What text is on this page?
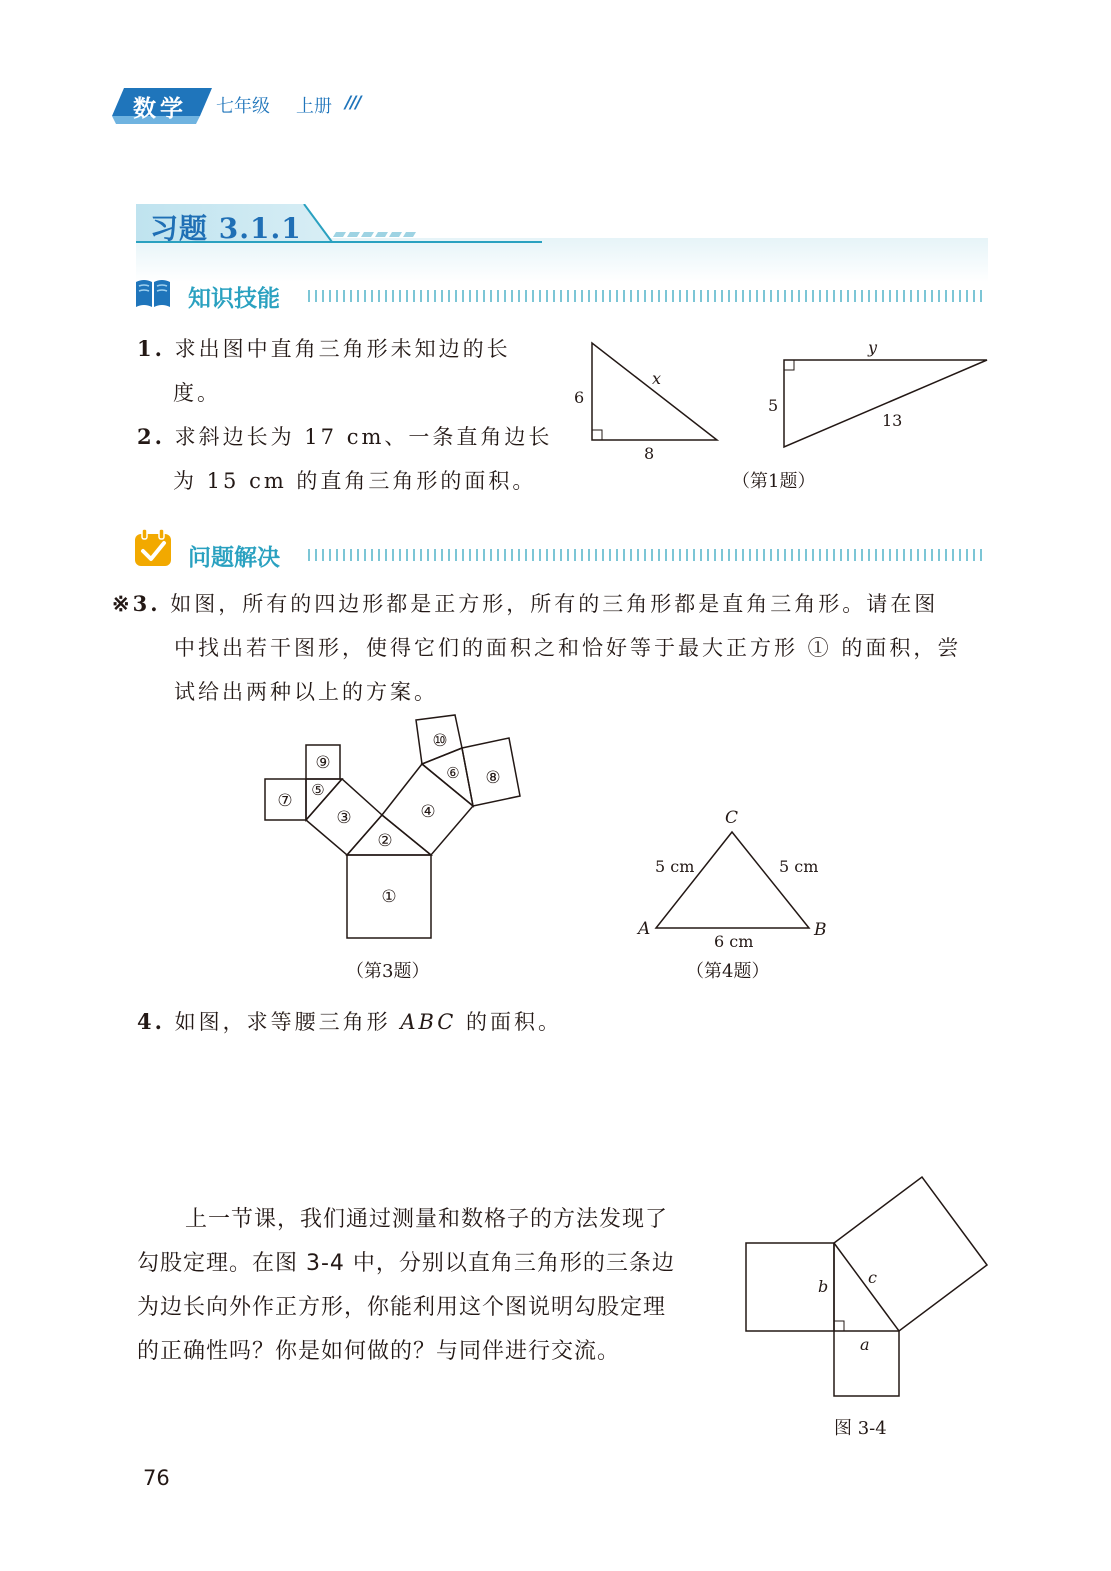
数学 七年级 上册 ///
习题 3.1.1
知识技能
1. 求出图中直角三角形未知边的长
度。
2. 求斜边长为 17 cm、一条直角边长
为 15 cm 的直角三角形的面积。
6
8
x
y
5
13
（第1题）
问题解决
※3. 如图，所有的四边形都是正方形，所有的三角形都是直角三角形。请在图
中找出若干图形，使得它们的面积之和恰好等于最大正方形 ① 的面积，尝
试给出两种以上的方案。
①
②
③	④
⑤
⑥
⑦
⑧
⑨
⑩
（第3题）
C
A	B
5 cm	5 cm
6 cm
（第4题）
4. 如图，求等腰三角形 ABC 的面积。
上一节课，我们通过测量和数格子的方法发现了
勾股定理。在图 3-4 中，分别以直角三角形的三条边
为边长向外作正方形，你能利用这个图说明勾股定理
的正确性吗？你是如何做的？与同伴进行交流。
b c
a
图 3-4
76
